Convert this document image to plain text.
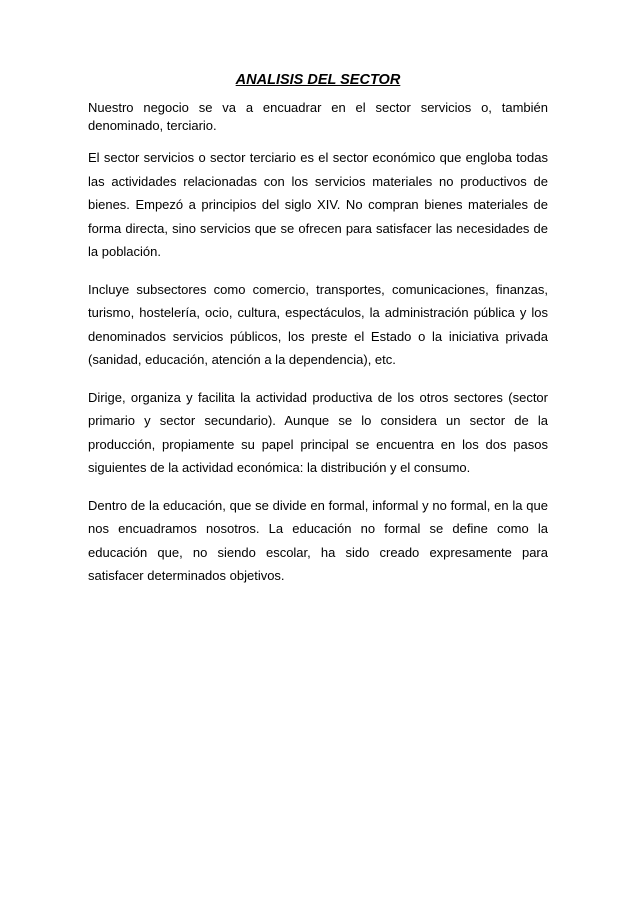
ANALISIS DEL SECTOR

Nuestro negocio se va a encuadrar en el sector servicios o, también denominado, terciario.

El sector servicios o sector terciario es el sector económico que engloba todas las actividades relacionadas con los servicios materiales no productivos de bienes. Empezó a principios del siglo XIV. No compran bienes materiales de forma directa, sino servicios que se ofrecen para satisfacer las necesidades de la población.

Incluye subsectores como comercio, transportes, comunicaciones, finanzas, turismo, hostelería, ocio, cultura, espectáculos, la administración pública y los denominados servicios públicos, los preste el Estado o la iniciativa privada (sanidad, educación, atención a la dependencia), etc.

Dirige, organiza y facilita la actividad productiva de los otros sectores (sector primario y sector secundario). Aunque se lo considera un sector de la producción, propiamente su papel principal se encuentra en los dos pasos siguientes de la actividad económica: la distribución y el consumo.

Dentro de la educación, que se divide en formal, informal y no formal, en la que nos encuadramos nosotros. La educación no formal se define como la educación que, no siendo escolar, ha sido creado expresamente para satisfacer determinados objetivos.
